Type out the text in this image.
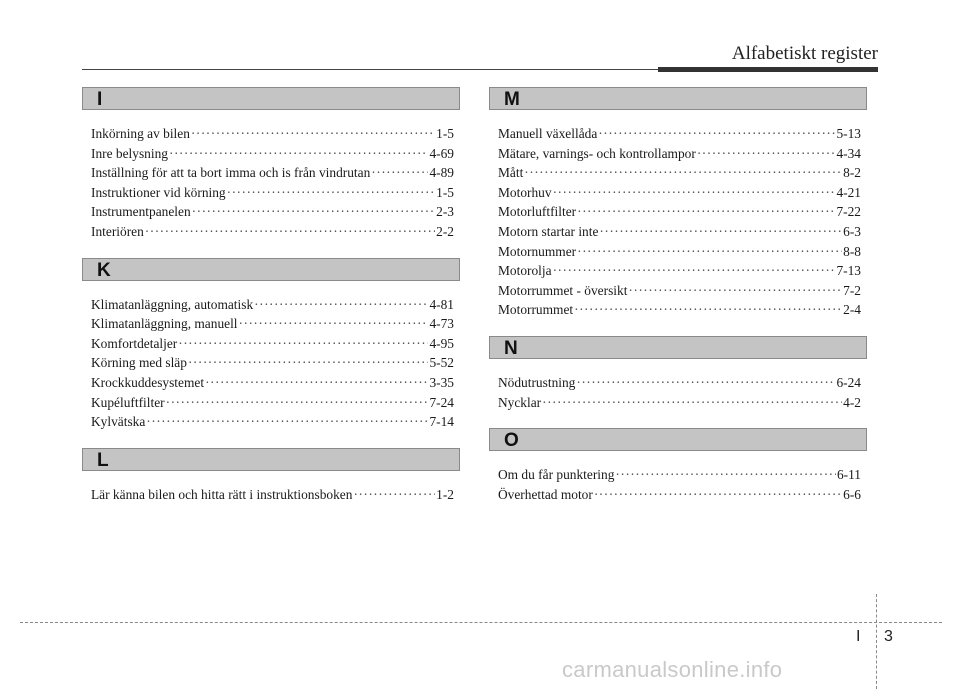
Alfabetiskt register
I
Inkörning av bilen ·····	1-5
Inre belysning ·····	4-69
Inställning för att ta bort imma och is från vindrutan ·····	4-89
Instruktioner vid körning ·····	1-5
Instrumentpanelen ·····	2-3
Interiören ·····	2-2
K
Klimatanläggning, automatisk ·····	4-81
Klimatanläggning, manuell ·····	4-73
Komfortdetaljer ·····	4-95
Körning med släp ·····	5-52
Krockkuddesystemet ·····	3-35
Kupéluftfilter ·····	7-24
Kylvätska ·····	7-14
L
Lär känna bilen och hitta rätt i instruktionsboken ·····	1-2
M
Manuell växellåda ·····	5-13
Mätare, varnings- och kontrollampor ·····	4-34
Mått ·····	8-2
Motorhuv ·····	4-21
Motorluftfilter ·····	7-22
Motorn startar inte ·····	6-3
Motornummer ·····	8-8
Motorolja ·····	7-13
Motorrummet - översikt ·····	7-2
Motorrummet ·····	2-4
N
Nödutrustning ·····	6-24
Nycklar ·····	4-2
O
Om du får punktering ·····	6-11
Överhettad motor ·····	6-6
I 3
carmanualsonline.info
